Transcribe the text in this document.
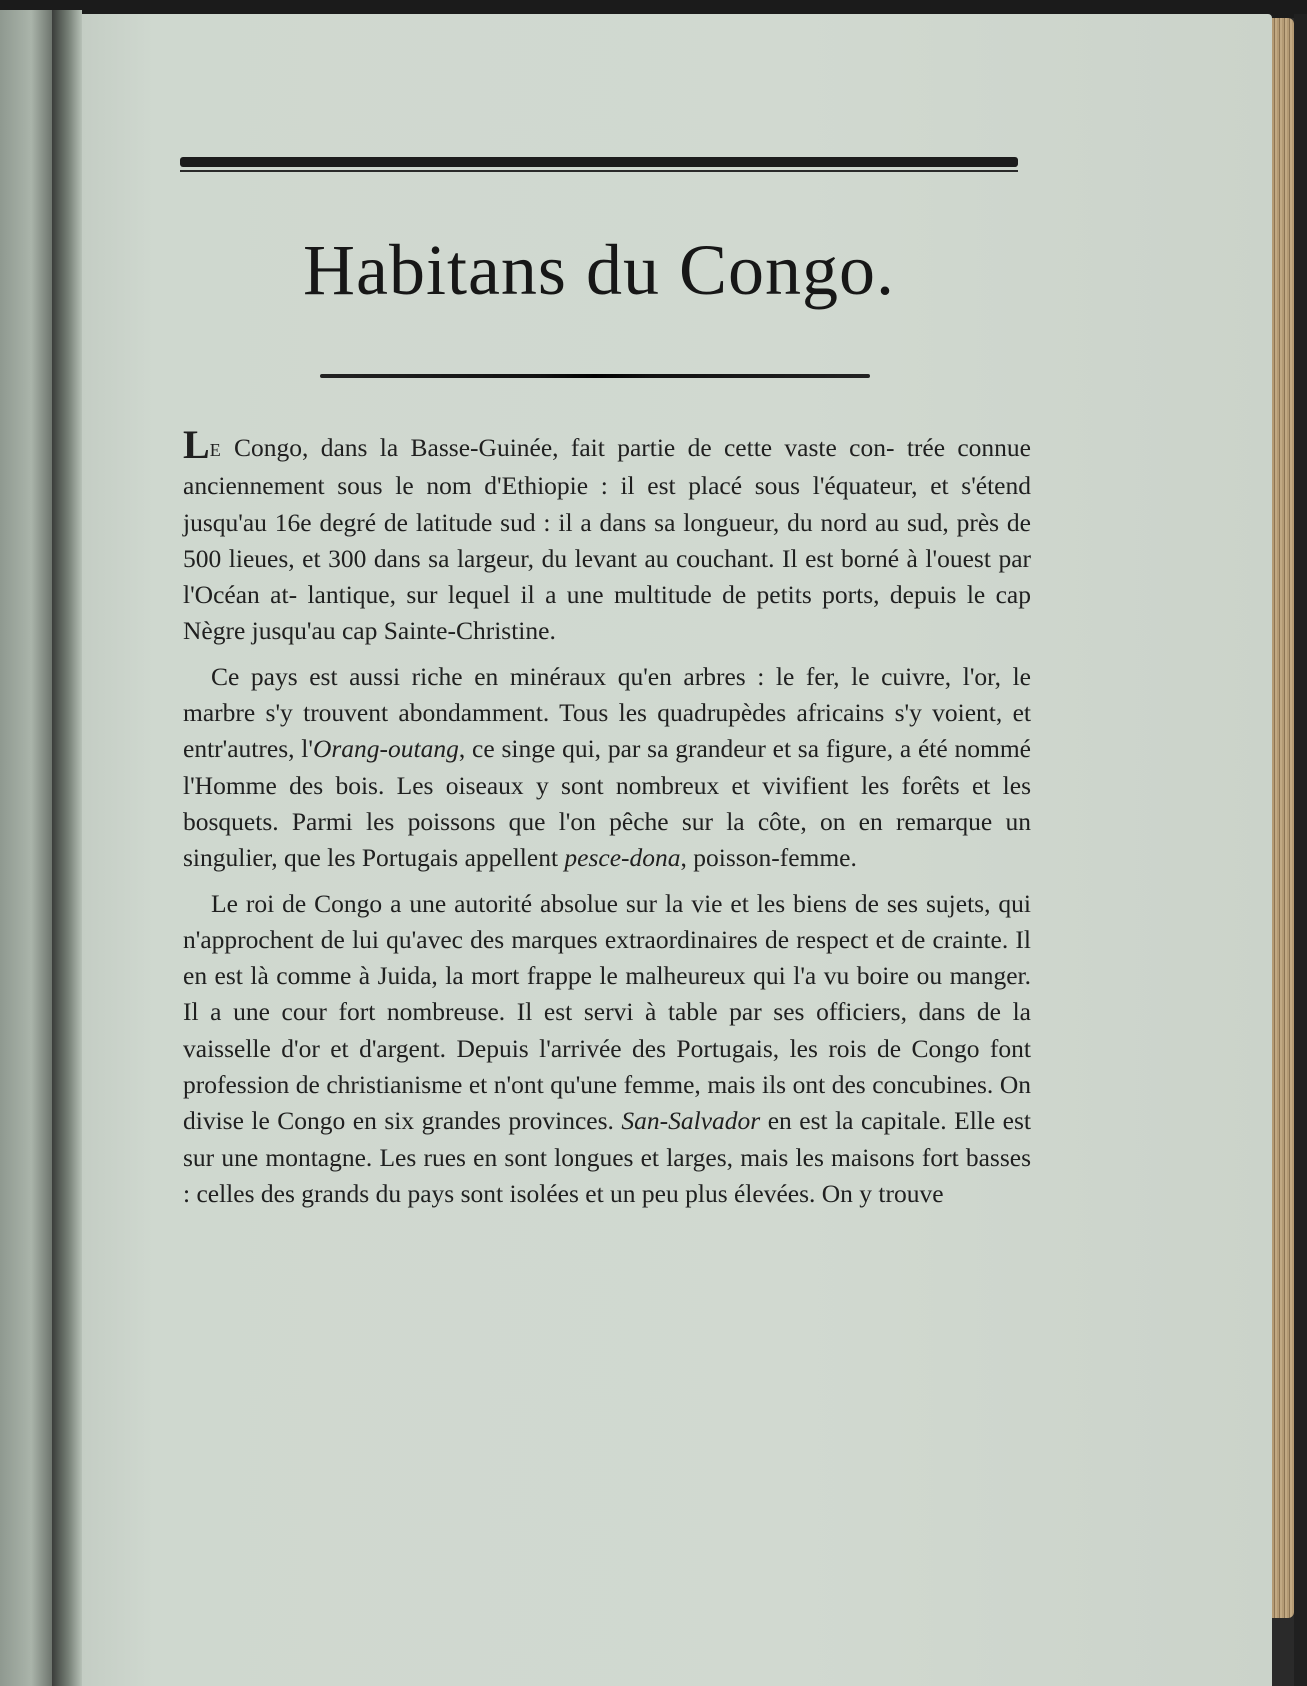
Habitans du Congo.

LE Congo, dans la Basse-Guinée, fait partie de cette vaste con- trée connue anciennement sous le nom d'Ethiopie : il est placé sous l'équateur, et s'étend jusqu'au 16e degré de latitude sud : il a dans sa longueur, du nord au sud, près de 500 lieues, et 300 dans sa largeur, du levant au couchant. Il est borné à l'ouest par l'Océan at- lantique, sur lequel il a une multitude de petits ports, depuis le cap Nègre jusqu'au cap Sainte-Christine.

Ce pays est aussi riche en minéraux qu'en arbres : le fer, le cuivre, l'or, le marbre s'y trouvent abondamment. Tous les quadrupèdes africains s'y voient, et entr'autres, l'Orang-outang, ce singe qui, par sa grandeur et sa figure, a été nommé l'Homme des bois. Les oiseaux y sont nombreux et vivifient les forêts et les bosquets. Parmi les poissons que l'on pêche sur la côte, on en remarque un singulier, que les Portugais appellent pesce-dona, poisson-femme.

Le roi de Congo a une autorité absolue sur la vie et les biens de ses sujets, qui n'approchent de lui qu'avec des marques extraordinaires de respect et de crainte. Il en est là comme à Juida, la mort frappe le malheureux qui l'a vu boire ou manger. Il a une cour fort nombreuse. Il est servi à table par ses officiers, dans de la vaisselle d'or et d'argent. Depuis l'arrivée des Portugais, les rois de Congo font profession de christianisme et n'ont qu'une femme, mais ils ont des concubines. On divise le Congo en six grandes provinces. San-Salvador en est la capitale. Elle est sur une montagne. Les rues en sont longues et larges, mais les maisons fort basses : celles des grands du pays sont isolées et un peu plus élevées. On y trouve
